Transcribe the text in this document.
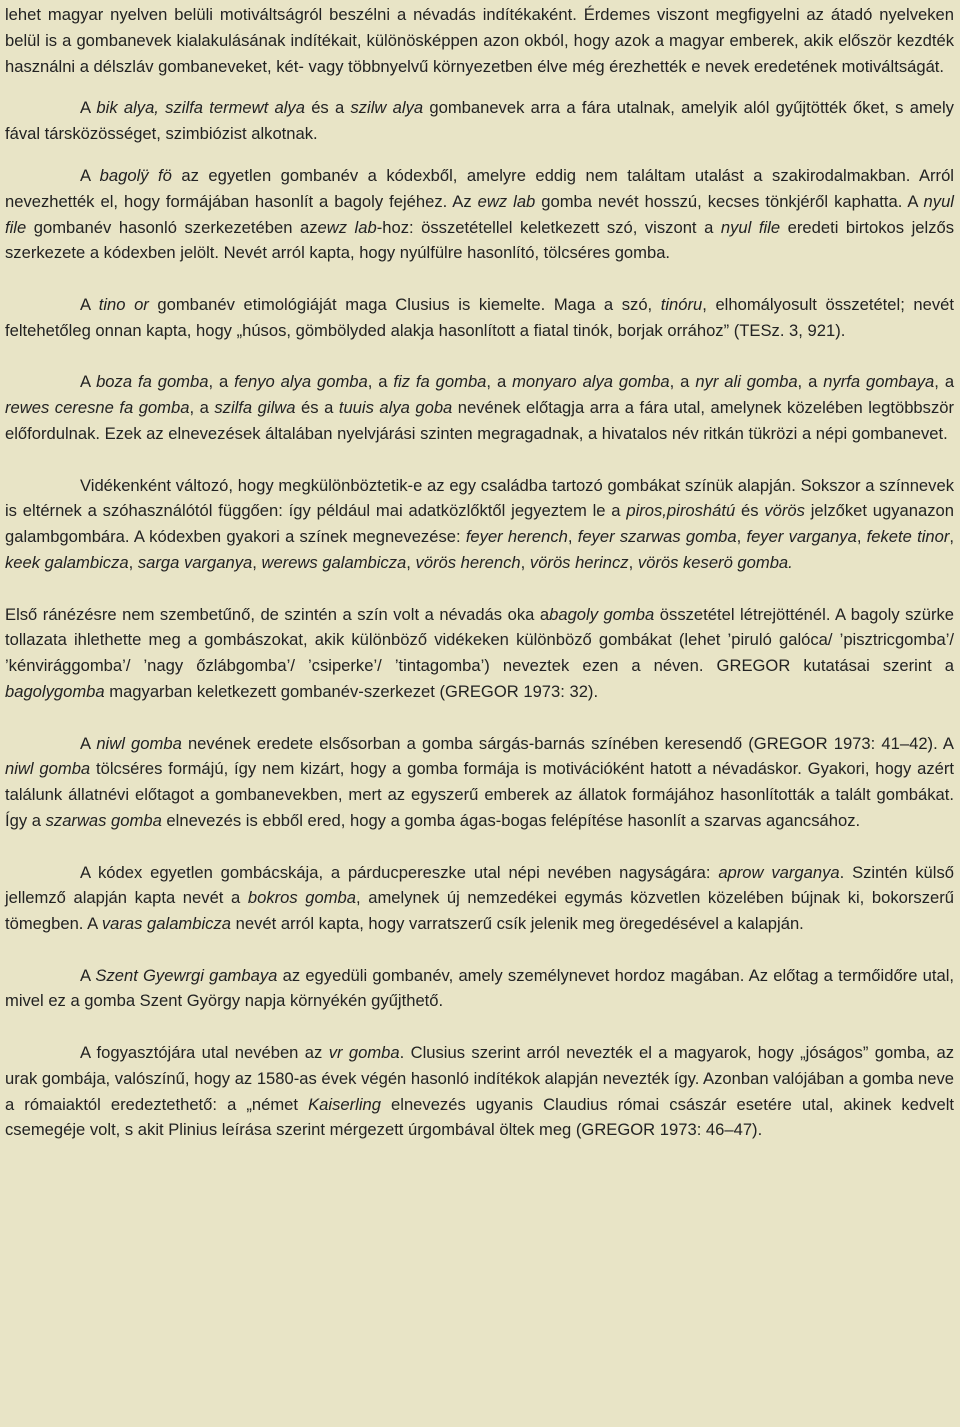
lehet magyar nyelven belüli motiváltságról beszélni a névadás indítékaként. Érdemes viszont megfigyelni az átadó nyelveken belül is a gombanevek kialakulásának indítékait, különösképpen azon okból, hogy azok a magyar emberek, akik először kezdték használni a délszláv gombaneveket, két- vagy többnyelvű környezetben élve még érezhették e nevek eredetének motiváltságát.

A bik alya, szilfa termewt alya és a szilw alya gombanevek arra a fára utalnak, amelyik alól gyűjtötték őket, s amely fával társközösséget, szimbiózist alkotnak.

A bagolÿ fö az egyetlen gombanév a kódexből, amelyre eddig nem találtam utalást a szakirodalmakban. Arról nevezhették el, hogy formájában hasonlít a bagoly fejéhez. Az ewz lab gomba nevét hosszú, kecses tönkjéről kaphatta. A nyul file gombanév hasonló szerkezetében azewz lab-hoz: összetétellel keletkezett szó, viszont a nyul file eredeti birtokos jelzős szerkezete a kódexben jelölt. Nevét arról kapta, hogy nyúlfülre hasonlító, tölcséres gomba.

A tino or gombanév etimológiáját maga Clusius is kiemelte. Maga a szó, tinóru, elhomályosult összetétel; nevét feltehetőleg onnan kapta, hogy „húsos, gömbölyded alakja hasonlított a fiatal tinók, borjak orrához” (TESz. 3, 921).

A boza fa gomba, a fenyo alya gomba, a fiz fa gomba, a monyaro alya gomba, a nyr ali gomba, a nyrfa gombaya, a rewes ceresne fa gomba, a szilfa gilwa és a tuuis alya goba nevének előtagja arra a fára utal, amelynek közelében legtöbbször előfordulnak. Ezek az elnevezések általában nyelvjárási szinten megragadnak, a hivatalos név ritkán tükrözi a népi gombanevet.

Vidékenként változó, hogy megkülönböztetik-e az egy családba tartozó gombákat színük alapján. Sokszor a színnevek is eltérnek a szóhasználótól függően: így például mai adatközlőktől jegyeztem le a piros,piroshátú és vörös jelzőket ugyanazon galambgombára. A kódexben gyakori a színek megnevezése: feyer herench, feyer szarwas gomba, feyer varganya, fekete tinor, keek galambicza, sarga varganya, werews galambicza, vörös herench, vörös herincz, vörös keserö gomba.

Első ránézésre nem szembetűnő, de szintén a szín volt a névadás oka abagoly gomba összetétel létrejötténél. A bagoly szürke tollazata ihlethette meg a gombászokat, akik különböző vidékeken különböző gombákat (lehet ’piruló galóca/ ’pisztricgomba’/ ’kénvirággomba’/ ’nagy őzlábgomba’/ ’csiperke’/ ’tintagomba’) neveztek ezen a néven. GREGOR kutatásai szerint a bagolygomba magyarban keletkezett gombanév-szerkezet (GREGOR 1973: 32).

A niwl gomba nevének eredete elsősorban a gomba sárgás-barnás színében keresendő (GREGOR 1973: 41–42). A niwl gomba tölcséres formájú, így nem kizárt, hogy a gomba formája is motivációként hatott a névadáskor. Gyakori, hogy azért találunk állatnévi előtagot a gombanevekben, mert az egyszerű emberek az állatok formájához hasonlították a talált gombákat. Így a szarwas gomba elnevezés is ebből ered, hogy a gomba ágas-bogas felépítése hasonlít a szarvas agancsához.

A kódex egyetlen gombácskája, a párducpereszke utal népi nevében nagyságára: aprow varganya. Szintén külső jellemző alapján kapta nevét a bokros gomba, amelynek új nemzedékei egymás közvetlen közelében bújnak ki, bokorszerű tömegben. A varas galambicza nevét arról kapta, hogy varratszerű csík jelenik meg öregedésével a kalapján.

A Szent Gyewrgi gambaya az egyedüli gombanév, amely személynevet hordoz magában. Az előtag a termőidőre utal, mivel ez a gomba Szent György napja környékén gyűjthető.

A fogyasztójára utal nevében az vr gomba. Clusius szerint arról nevezték el a magyarok, hogy „jóságos” gomba, az urak gombája, valószínű, hogy az 1580-as évek végén hasonló indítékok alapján nevezték így. Azonban valójában a gomba neve a rómaiaktól eredeztethető: a „német Kaiserling elnevezés ugyanis Claudius római császár esetére utal, akinek kedvelt csemegéje volt, s akit Plinius leírása szerint mérgezett úrgombával öltek meg (GREGOR 1973: 46–47).
